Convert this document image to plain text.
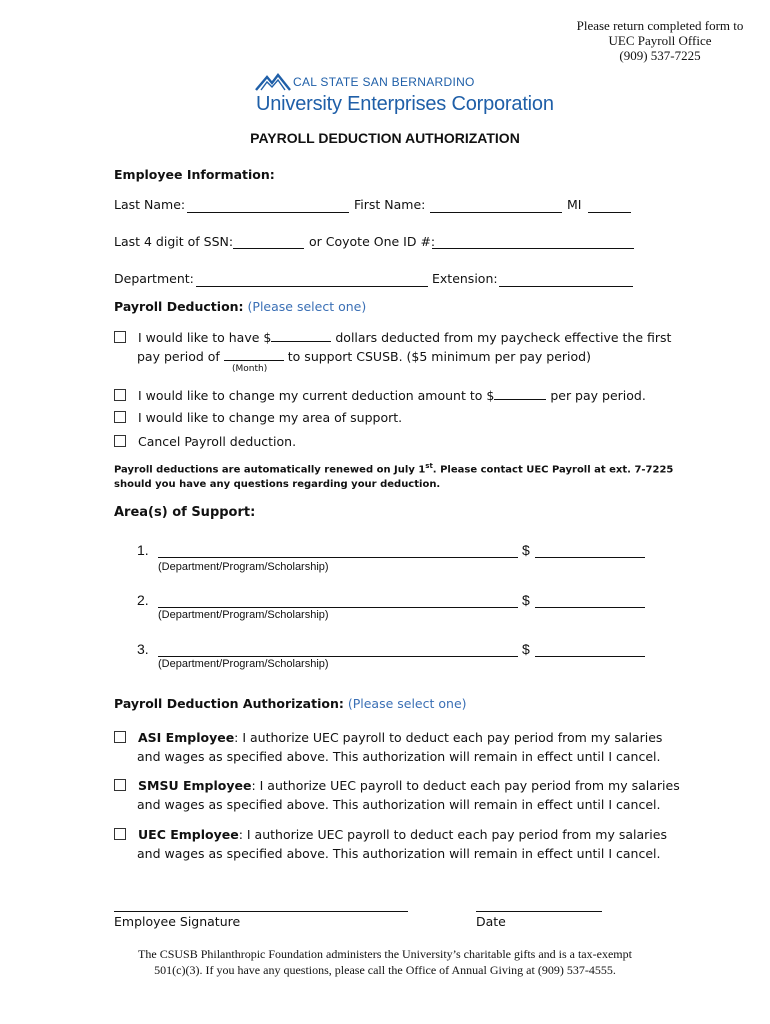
Please return completed form to
UEC Payroll Office
(909) 537-7225
CAL STATE SAN BERNARDINO
University Enterprises Corporation
PAYROLL DEDUCTION AUTHORIZATION
Employee Information:
Last Name:	First Name:	MI
Last 4 digit of SSN:	or Coyote One ID #:
Department:	Extension:
Payroll Deduction: (Please select one)
I would like to have $	dollars deducted from my paycheck effective the first
pay period of	to support CSUSB. ($5 minimum per pay period)
(Month)
I would like to change my current deduction amount to $	per pay period.
I would like to change my area of support.
Cancel Payroll deduction.
Payroll deductions are automatically renewed on July 1st. Please contact UEC Payroll at ext. 7-7225
should you have any questions regarding your deduction.
Area(s) of Support:
1.	$
(Department/Program/Scholarship)
2.	$
(Department/Program/Scholarship)
3.	$
(Department/Program/Scholarship)
Payroll Deduction Authorization: (Please select one)
ASI Employee: I authorize UEC payroll to deduct each pay period from my salaries
and wages as specified above. This authorization will remain in effect until I cancel.
SMSU Employee: I authorize UEC payroll to deduct each pay period from my salaries
and wages as specified above. This authorization will remain in effect until I cancel.
UEC Employee: I authorize UEC payroll to deduct each pay period from my salaries
and wages as specified above. This authorization will remain in effect until I cancel.
Employee Signature	Date
The CSUSB Philanthropic Foundation administers the University’s charitable gifts and is a tax-exempt
501(c)(3). If you have any questions, please call the Office of Annual Giving at (909) 537-4555.
